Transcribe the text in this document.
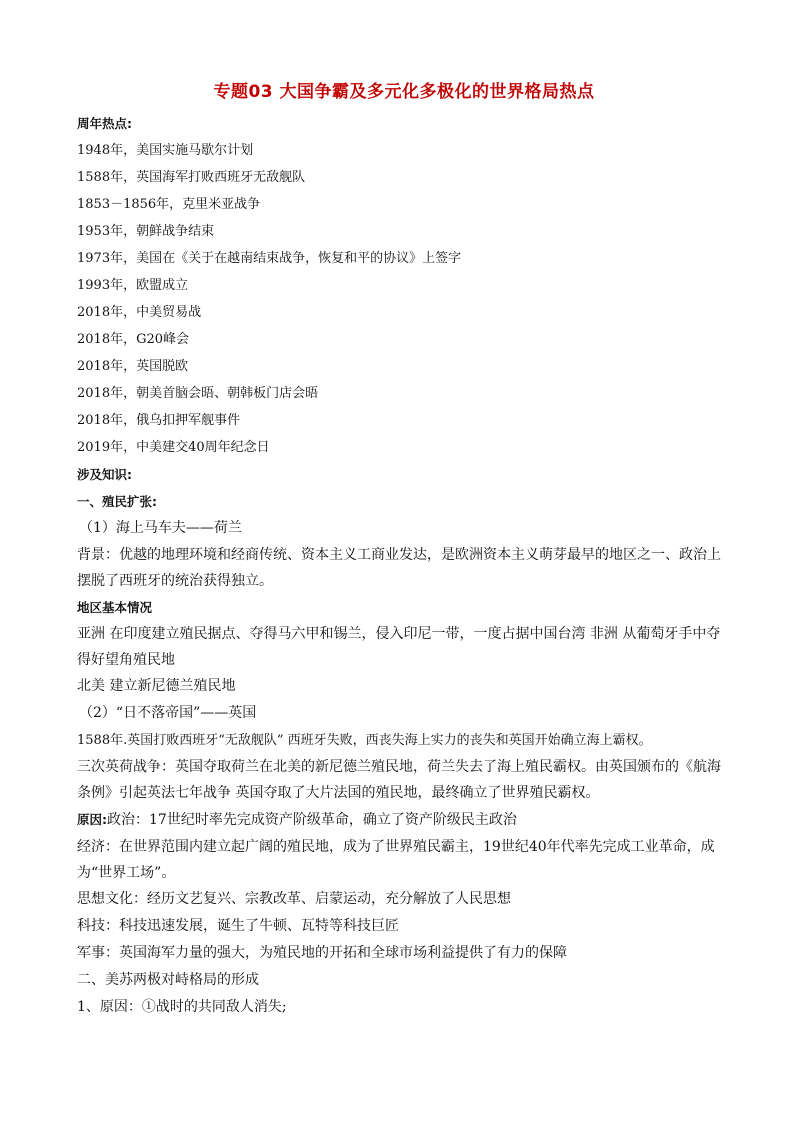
专题03 大国争霸及多元化多极化的世界格局热点
周年热点:
1948年，美国实施马歇尔计划
1588年，英国海军打败西班牙无敌舰队
1853－1856年，克里米亚战争
1953年，朝鲜战争结束
1973年，美国在《关于在越南结束战争，恢复和平的协议》上签字
1993年，欧盟成立
2018年，中美贸易战
2018年，G20峰会
2018年，英国脱欧
2018年，朝美首脑会晤、朝韩板门店会晤
2018年，俄乌扣押军舰事件
2019年，中美建交40周年纪念日
涉及知识:
一、殖民扩张:
（1）海上马车夫——荷兰
背景：优越的地理环境和经商传统、资本主义工商业发达，是欧洲资本主义萌芽最早的地区之一、政治上摆脱了西班牙的统治获得独立。
地区基本情况
亚洲 在印度建立殖民据点、夺得马六甲和锡兰，侵入印尼一带，一度占据中国台湾 非洲 从葡萄牙手中夺得好望角殖民地
北美 建立新尼德兰殖民地
（2）“日不落帝国”——英国
1588年.英国打败西班牙“无敌舰队” 西班牙失败，西丧失海上实力的丧失和英国开始确立海上霸权。
三次英荷战争：英国夺取荷兰在北美的新尼德兰殖民地，荷兰失去了海上殖民霸权。由英国颁布的《航海条例》引起英法七年战争 英国夺取了大片法国的殖民地，最终确立了世界殖民霸权。
原因:政治：17世纪时率先完成资产阶级革命，确立了资产阶级民主政治
经济：在世界范围内建立起广阔的殖民地，成为了世界殖民霸主，19世纪40年代率先完成工业革命，成为“世界工场”。
思想文化：经历文艺复兴、宗教改革、启蒙运动，充分解放了人民思想
科技：科技迅速发展，诞生了牛顿、瓦特等科技巨匠
军事：英国海军力量的强大，为殖民地的开拓和全球市场利益提供了有力的保障
二、美苏两极对峙格局的形成
1、原因：①战时的共同敌人消失;
